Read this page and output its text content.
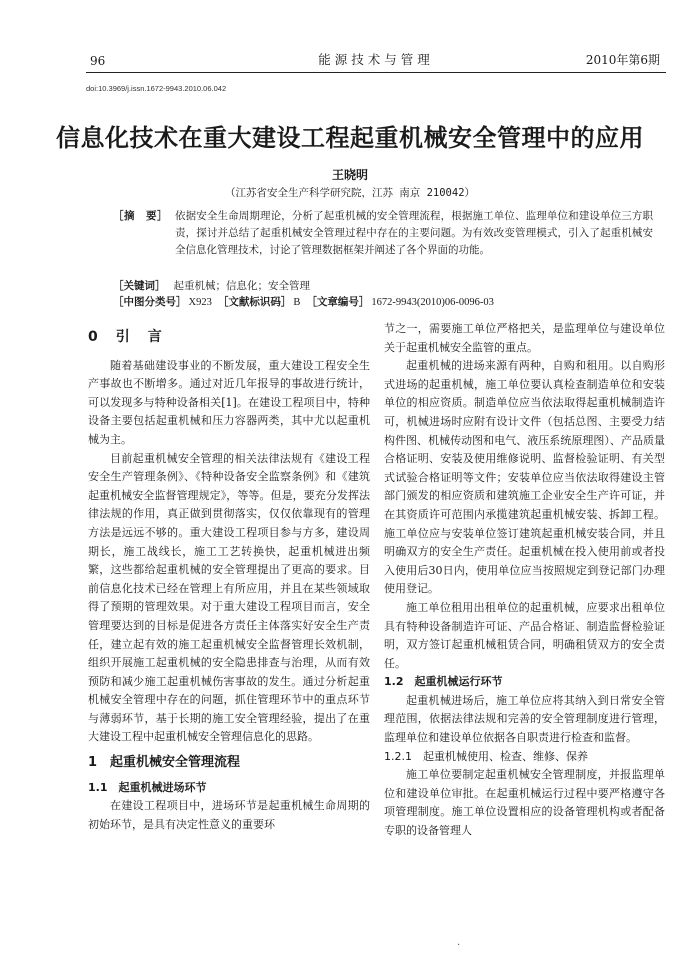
96	能源技术与管理	2010年第6期
doi:10.3969/j.issn.1672-9943.2010.06.042
信息化技术在重大建设工程起重机械安全管理中的应用
王晓明
（江苏省安全生产科学研究院，江苏 南京 210042）
［摘　要］ 依据安全生命周期理论，分析了起重机械的安全管理流程，根据施工单位、监理单位和建设单位三方职责，探讨并总结了起重机械安全管理过程中存在的主要问题。为有效改变管理模式，引入了起重机械安全信息化管理技术，讨论了管理数据框架并阐述了各个界面的功能。
［关键词］ 起重机械；信息化；安全管理
［中图分类号］ X923 ［文献标识码］ B ［文章编号］ 1672-9943(2010)06-0096-03
0　引　言

随着基础建设事业的不断发展，重大建设工程安全生产事故也不断增多。通过对近几年报导的事故进行统计，可以发现多与特种设备相关[1]。在建设工程项目中，特种设备主要包括起重机械和压力容器两类，其中尤以起重机械为主。

目前起重机械安全管理的相关法律法规有《建设工程安全生产管理条例》、《特种设备安全监察条例》和《建筑起重机械安全监督管理规定》，等等。但是，要充分发挥法律法规的作用，真正做到贯彻落实，仅仅依靠现有的管理方法是远远不够的。重大建设工程项目参与方多，建设周期长，施工战线长，施工工艺转换快，起重机械进出频繁，这些都给起重机械的安全管理提出了更高的要求。目前信息化技术已经在管理上有所应用，并且在某些领域取得了预期的管理效果。对于重大建设工程项目而言，安全管理要达到的目标是促进各方责任主体落实好安全生产责任，建立起有效的施工起重机械安全监督管理长效机制，组织开展施工起重机械的安全隐患排查与治理，从而有效预防和减少施工起重机械伤害事故的发生。通过分析起重机械安全管理中存在的问题，抓住管理环节中的重点环节与薄弱环节，基于长期的施工安全管理经验，提出了在重大建设工程中起重机械安全管理信息化的思路。

1　起重机械安全管理流程
1.1　起重机械进场环节

在建设工程项目中，进场环节是起重机械生命周期的初始环节，是具有决定性意义的重要环

节之一，需要施工单位严格把关，是监理单位与建设单位关于起重机械安全监管的重点。

起重机械的进场来源有两种，自购和租用。以自购形式进场的起重机械，施工单位要认真检查制造单位和安装单位的相应资质。制造单位应当依法取得起重机械制造许可，机械进场时应附有设计文件（包括总图、主要受力结构件图、机械传动图和电气、液压系统原理图）、产品质量合格证明、安装及使用维修说明、监督检验证明、有关型式试验合格证明等文件；安装单位应当依法取得建设主管部门颁发的相应资质和建筑施工企业安全生产许可证，并在其资质许可范围内承揽建筑起重机械安装、拆卸工程。施工单位应与安装单位签订建筑起重机械安装合同，并且明确双方的安全生产责任。起重机械在投入使用前或者投入使用后30日内，使用单位应当按照规定到登记部门办理使用登记。

施工单位租用出租单位的起重机械，应要求出租单位具有特种设备制造许可证、产品合格证、制造监督检验证明，双方签订起重机械租赁合同，明确租赁双方的安全责任。

1.2　起重机械运行环节

起重机械进场后，施工单位应将其纳入到日常安全管理范围，依据法律法规和完善的安全管理制度进行管理，监理单位和建设单位依据各自职责进行检查和监督。

1.2.1　起重机械使用、检查、维修、保养

施工单位要制定起重机械安全管理制度，并报监理单位和建设单位审批。在起重机械运行过程中要严格遵守各项管理制度。施工单位设置相应的设备管理机构或者配备专职的设备管理人

·
